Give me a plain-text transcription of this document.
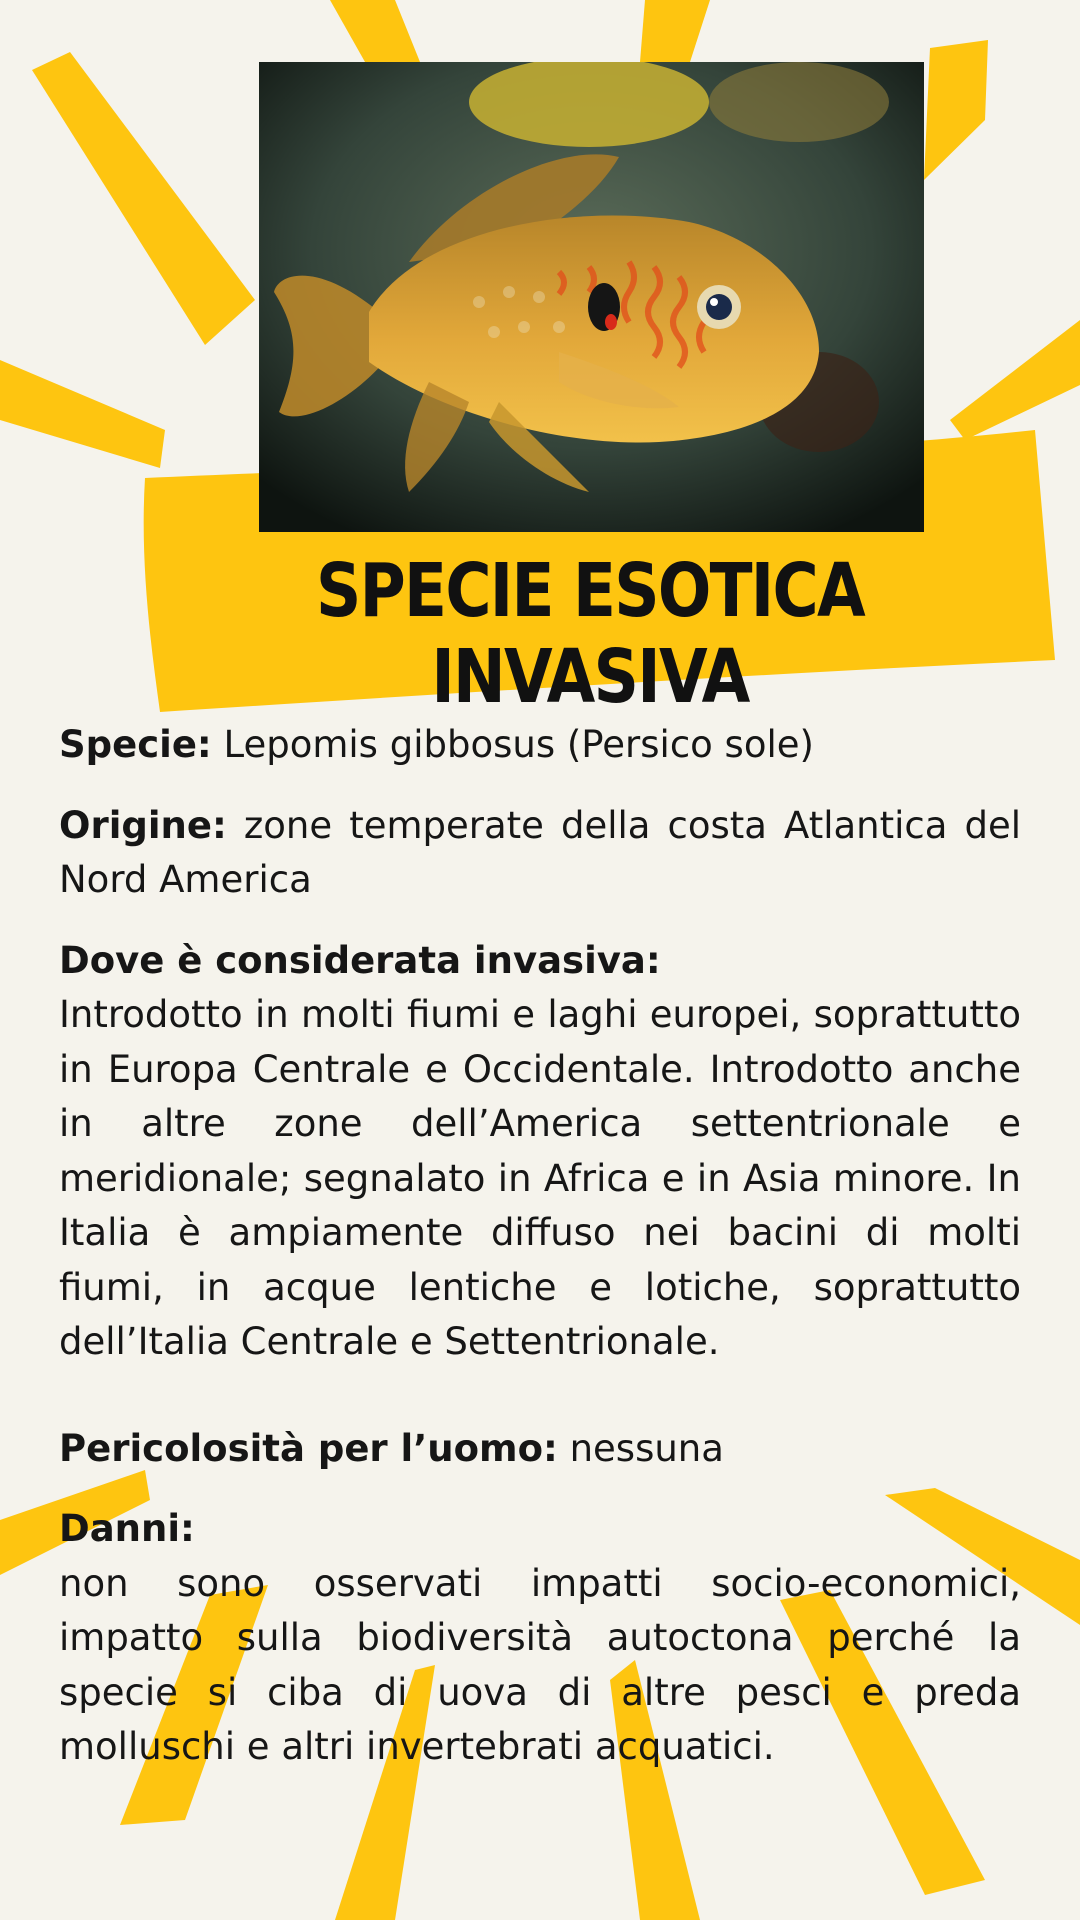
SPECIE ESOTICA INVASIVA

Specie: Lepomis gibbosus (Persico sole)

Origine: zone temperate della costa Atlantica del Nord America

Dove è considerata invasiva:
Introdotto in molti fiumi e laghi europei, soprattutto in Europa Centrale e Occidentale. Introdotto anche in altre zone dell’America settentrionale e meridionale; segnalato in Africa e in Asia minore. In Italia è ampiamente diffuso nei bacini di molti fiumi, in acque lentiche e lotiche, soprattutto dell’Italia Centrale e Settentrionale.

Pericolosità per l’uomo: nessuna

Danni:
non sono osservati impatti socio-economici, impatto sulla biodiversità autoctona perché la specie si ciba di uova di altre pesci e preda molluschi e altri invertebrati acquatici.
